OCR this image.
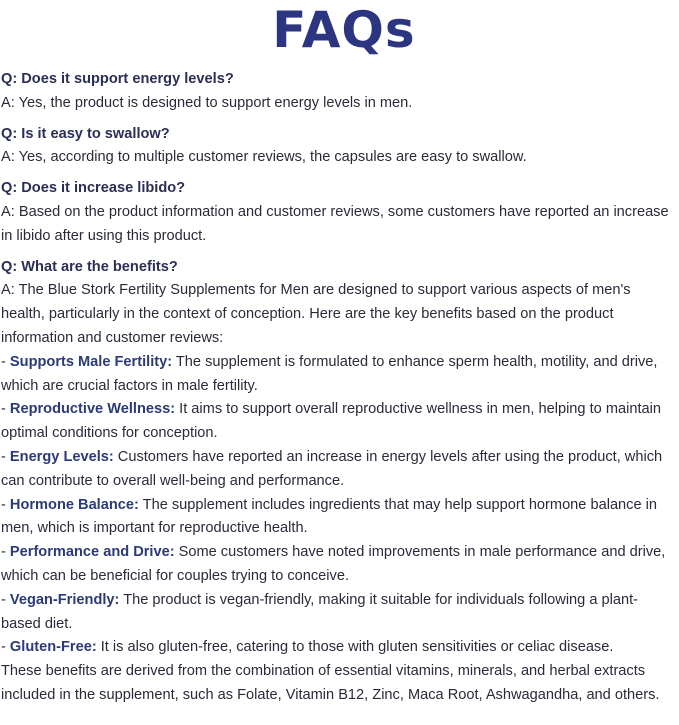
FAQs
Q: Does it support energy levels?
A: Yes, the product is designed to support energy levels in men.
Q: Is it easy to swallow?
A: Yes, according to multiple customer reviews, the capsules are easy to swallow.
Q: Does it increase libido?
A: Based on the product information and customer reviews, some customers have reported an increase in libido after using this product.
Q: What are the benefits?
A: The Blue Stork Fertility Supplements for Men are designed to support various aspects of men's health, particularly in the context of conception. Here are the key benefits based on the product information and customer reviews:
- Supports Male Fertility: The supplement is formulated to enhance sperm health, motility, and drive, which are crucial factors in male fertility.
- Reproductive Wellness: It aims to support overall reproductive wellness in men, helping to maintain optimal conditions for conception.
- Energy Levels: Customers have reported an increase in energy levels after using the product, which can contribute to overall well-being and performance.
- Hormone Balance: The supplement includes ingredients that may help support hormone balance in men, which is important for reproductive health.
- Performance and Drive: Some customers have noted improvements in male performance and drive, which can be beneficial for couples trying to conceive.
- Vegan-Friendly: The product is vegan-friendly, making it suitable for individuals following a plant-based diet.
- Gluten-Free: It is also gluten-free, catering to those with gluten sensitivities or celiac disease.
These benefits are derived from the combination of essential vitamins, minerals, and herbal extracts included in the supplement, such as Folate, Vitamin B12, Zinc, Maca Root, Ashwagandha, and others.
